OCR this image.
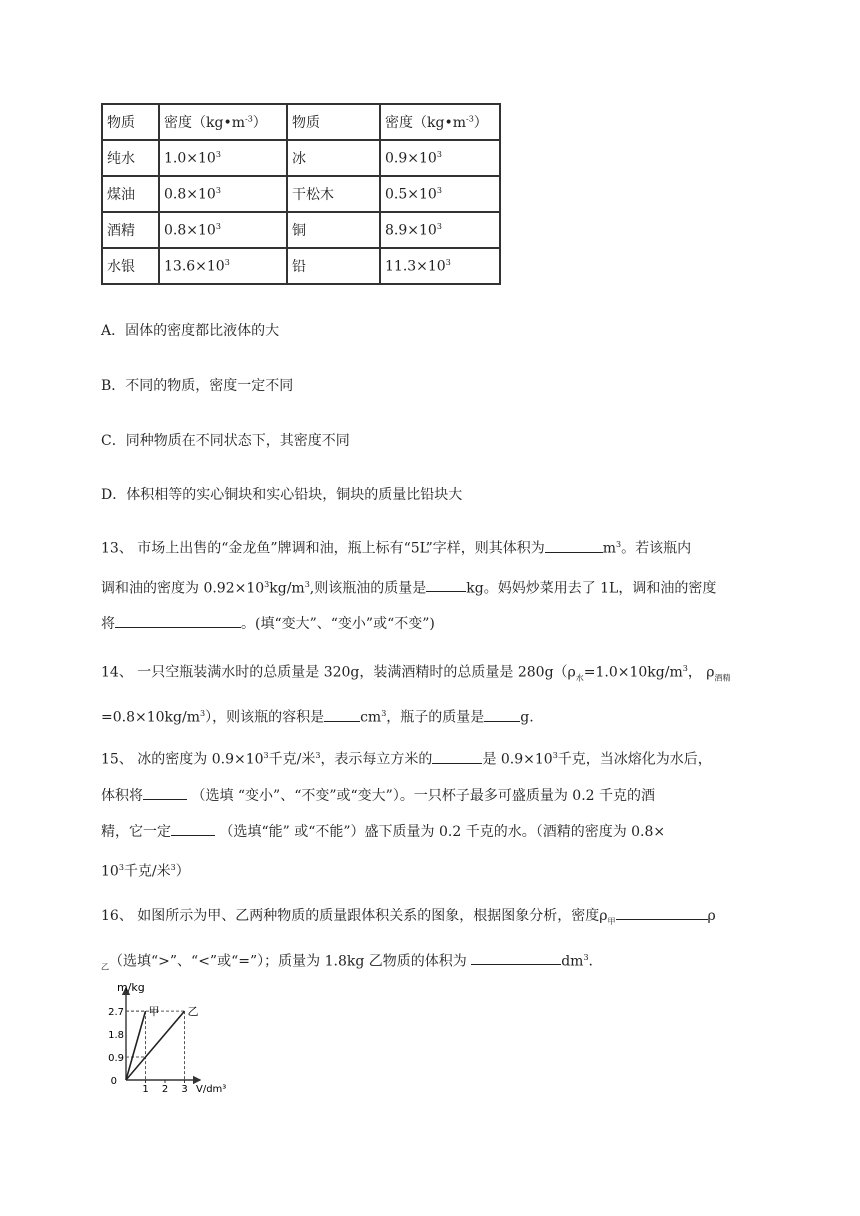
物质	密度$(kg•m^{-3})$	物质	密度$(kg•m^{-3})$
纯水	$1.0\times 10^3$	冰	$0.9\times 10^3$
煤油	$0.8\times 10^3$	干松木	$0.5\times 10^3$
酒精	$0.8\times 10^3$	铜	$8.9\times 10^3$
水银	$13.6\times 10^3$	铅	$11.3\times 10^3$
A．固体的密度都比液体的大
B．不同的物质，密度一定不同
C．同种物质在不同状态下，其密度不同
D．体积相等的实心铜块和实心铅块，铜块的质量比铅块大
13、 市场上出售的“金龙鱼”牌调和油，瓶上标有“5L”字样，则其体积为	$m^3$。若该瓶内
调和油的密度为 $0.92\times 10^3kg/m^3$,则该瓶油的质量是	kg。妈妈炒菜用去了 1L，调和油的密度
将	。(填“变大”、“变小”或“不变”)
14、 一只空瓶装满水时的总质量是 320g，装满酒精时的总质量是 $280g(\rho_水=1.0\times 10kg/m^3$， $\rho_{酒精}$
$=0.8\times 10kg/m^3$），则该瓶的容积是	$cm^3$，瓶子的质量是	g.
15、 冰的密度为 $0.9\times 10^3$千克/米$^3$，表示每立方米的	是 $0.9\times 10^3$千克，当冰熔化为水后，
体积将	（选填 “变小”、“不变”或“变大”）。一只杯子最多可盛质量为 0.2 千克的酒
精，它一定	（选填“能” 或“不能”）盛下质量为 0.2 千克的水。（酒精的密度为 0.8×
$10^3$千克/米$^3$）
16、 如图所示为甲、乙两种物质的质量跟体积关系的图象，根据图象分析，密度$\rho_甲$	ρ
$_乙$（选填“>”、“<”或“=”）；质量为 1.8kg 乙物质的体积为	$dm^3$.
m/kg
V/dm³
甲	乙
2.7
1.8
0.9
0
1 2 3
